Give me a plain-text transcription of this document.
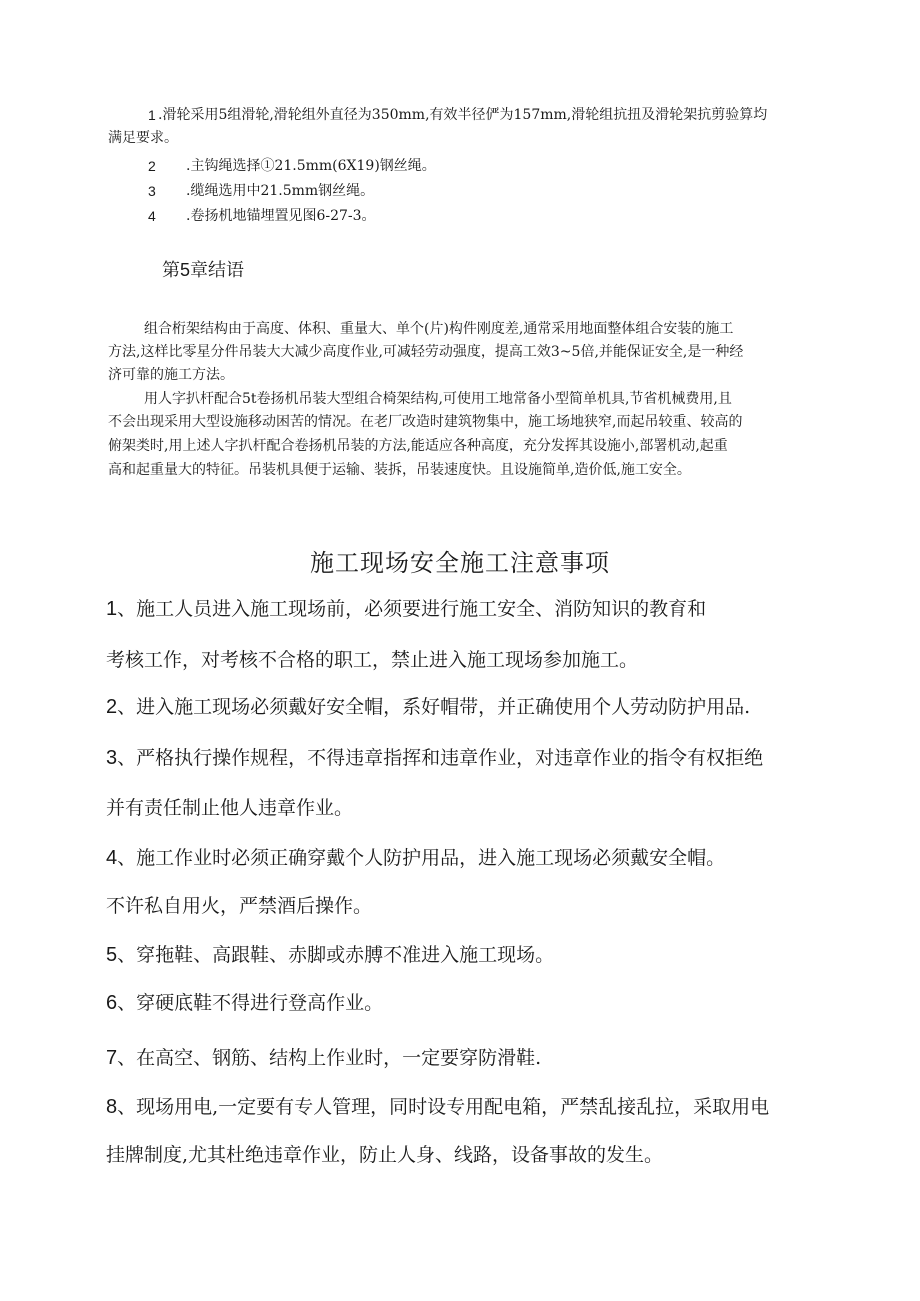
1 .滑轮采用5组滑轮,滑轮组外直径为350mm,有效半径俨为157mm,滑轮组抗扭及滑轮架抗剪验算均
满足要求。
2 .主钩绳选择①21.5mm(6X19)钢丝绳。
3 .缆绳选用中21.5mm钢丝绳。
4 .卷扬机地锚埋置见图6-27-3。
第5章结语
组合桁架结构由于高度、体积、重量大、单个(片)构件刚度差,通常采用地面整体组合安装的施工
方法,这样比零星分件吊装大大减少高度作业,可减轻劳动强度，提高工效3~5倍,并能保证安全,是一种经
济可靠的施工方法。
用人字扒杆配合5t卷扬机吊装大型组合椅架结构,可使用工地常备小型简单机具,节省机械费用,且
不会出现采用大型设施移动困苦的情况。在老厂改造时建筑物集中，施工场地狭窄,而起吊较重、较高的
俯架类时,用上述人字扒杆配合卷扬机吊装的方法,能适应各种高度，充分发挥其设施小,部署机动,起重
高和起重量大的特征。吊装机具便于运输、装拆，吊装速度快。且设施简单,造价低,施工安全。
施工现场安全施工注意事项
1、施工人员进入施工现场前，必须要进行施工安全、消防知识的教育和
考核工作，对考核不合格的职工，禁止进入施工现场参加施工。
2、进入施工现场必须戴好安全帽，系好帽带，并正确使用个人劳动防护用品.
3、严格执行操作规程，不得违章指挥和违章作业，对违章作业的指令有权拒绝
并有责任制止他人违章作业。
4、施工作业时必须正确穿戴个人防护用品，进入施工现场必须戴安全帽。
不许私自用火，严禁酒后操作。
5、穿拖鞋、高跟鞋、赤脚或赤膊不准进入施工现场。
6、穿硬底鞋不得进行登高作业。
7、在高空、钢筋、结构上作业时，一定要穿防滑鞋.
8、现场用电,一定要有专人管理，同时设专用配电箱，严禁乱接乱拉，采取用电
挂牌制度,尤其杜绝违章作业，防止人身、线路，设备事故的发生。
